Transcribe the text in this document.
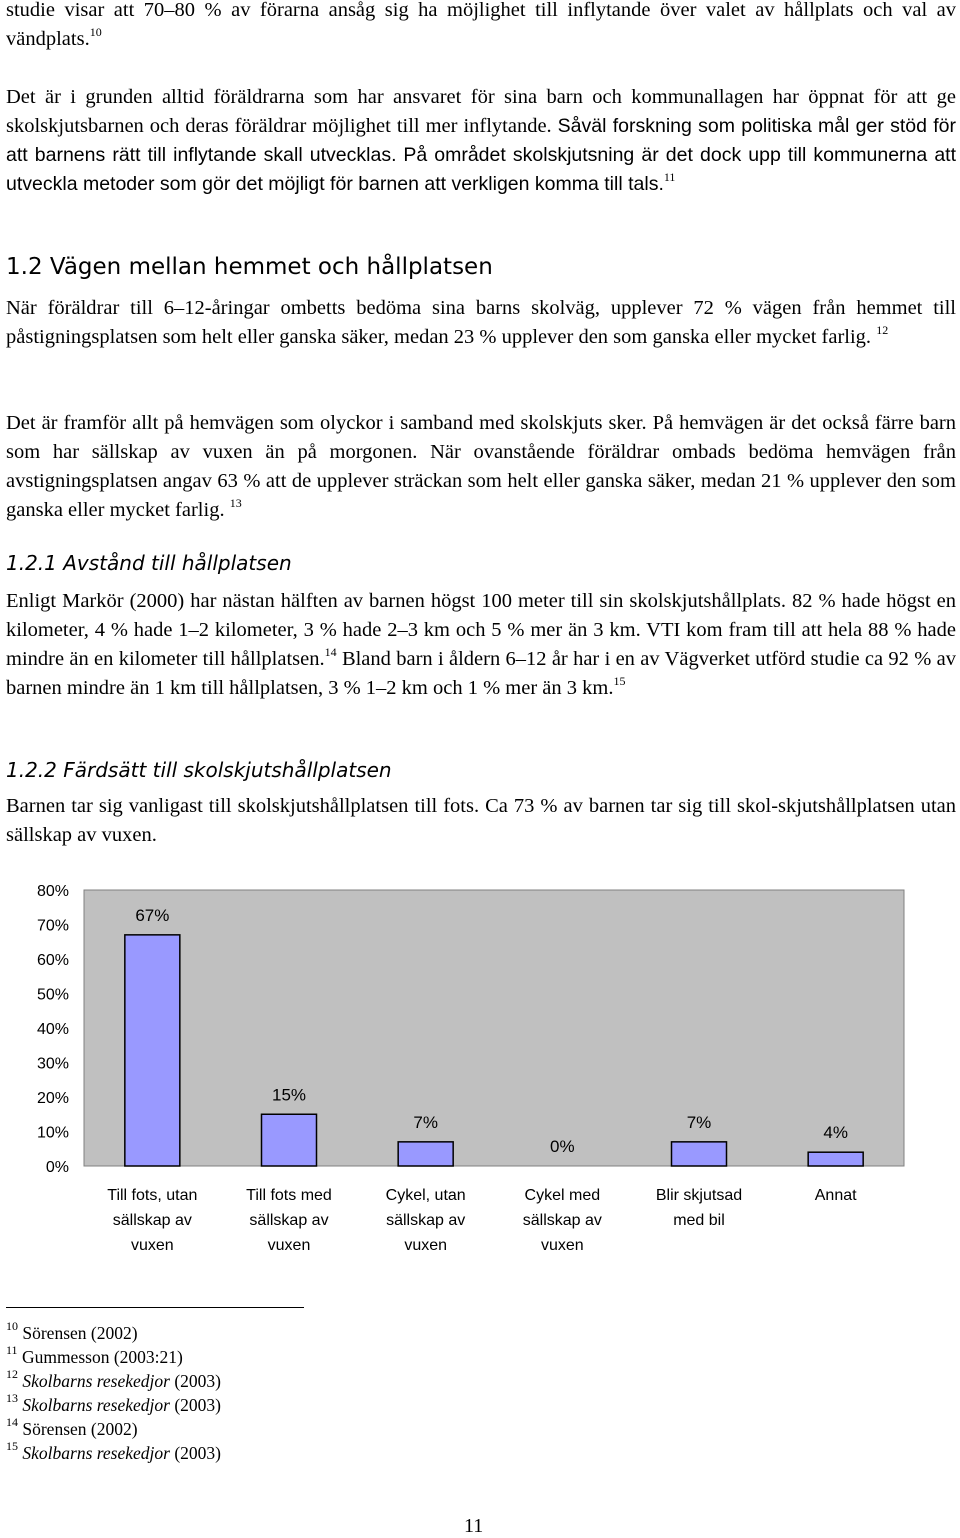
studie visar att 70–80 % av förarna ansåg sig ha möjlighet till inflytande över valet av hållplats och val av vändplats.$^{10}$

Det är i grunden alltid föräldrarna som har ansvaret för sina barn och kommunallagen har öppnat för att ge skolskjutsbarnen och deras föräldrar möjlighet till mer inflytande. Såväl forskning som politiska mål ger stöd för att barnens rätt till inflytande skall utvecklas. På området skolskjutsning är det dock upp till kommunerna att utveckla metoder som gör det möjligt för barnen att verkligen komma till tals.$^{11}$

1.2 Vägen mellan hemmet och hållplatsen

När föräldrar till 6–12-åringar ombetts bedöma sina barns skolväg, upplever 72 % vägen från hemmet till påstigningsplatsen som helt eller ganska säker, medan 23 % upplever den som ganska eller mycket farlig. $^{12}$

Det är framför allt på hemvägen som olyckor i samband med skolskjuts sker. På hemvägen är det också färre barn som har sällskap av vuxen än på morgonen. När ovanstående föräldrar ombads bedöma hemvägen från avstigningsplatsen angav 63 % att de upplever sträckan som helt eller ganska säker, medan 21 % upplever den som ganska eller mycket farlig. $^{13}$

1.2.1 Avstånd till hållplatsen

Enligt Markör (2000) har nästan hälften av barnen högst 100 meter till sin skolskjutshållplats. 82 % hade högst en kilometer, 4 % hade 1–2 kilometer, 3 % hade 2–3 km och 5 % mer än 3 km. VTI kom fram till att hela 88 % hade mindre än en kilometer till hållplatsen.$^{14}$ Bland barn i åldern 6–12 år har i en av Vägverket utförd studie ca 92 % av barnen mindre än 1 km till hållplatsen, 3 % 1–2 km och 1 % mer än 3 km.$^{15}$

1.2.2 Färdsätt till skolskjutshållplatsen

Barnen tar sig vanligast till skolskjutshållplatsen till fots. Ca 73 % av barnen tar sig till skol-skjutshållplatsen utan sällskap av vuxen.

0%
10%
20%
30%
40%
50%
60%
70%
80%
67%
Till fots, utan
sällskap av
vuxen
15%
Till fots med
sällskap av
vuxen
7%
Cykel, utan
sällskap av
vuxen
0%
Cykel med
sällskap av
vuxen
7%
Blir skjutsad
med bil
4%
Annat

$^{10}$ Sörensen (2002)

$^{11}$ Gummesson (2003:21)

$^{12}$ Skolbarns resekedjor (2003)

$^{13}$ Skolbarns resekedjor (2003)

$^{14}$ Sörensen (2002)

$^{15}$ Skolbarns resekedjor (2003)

11
